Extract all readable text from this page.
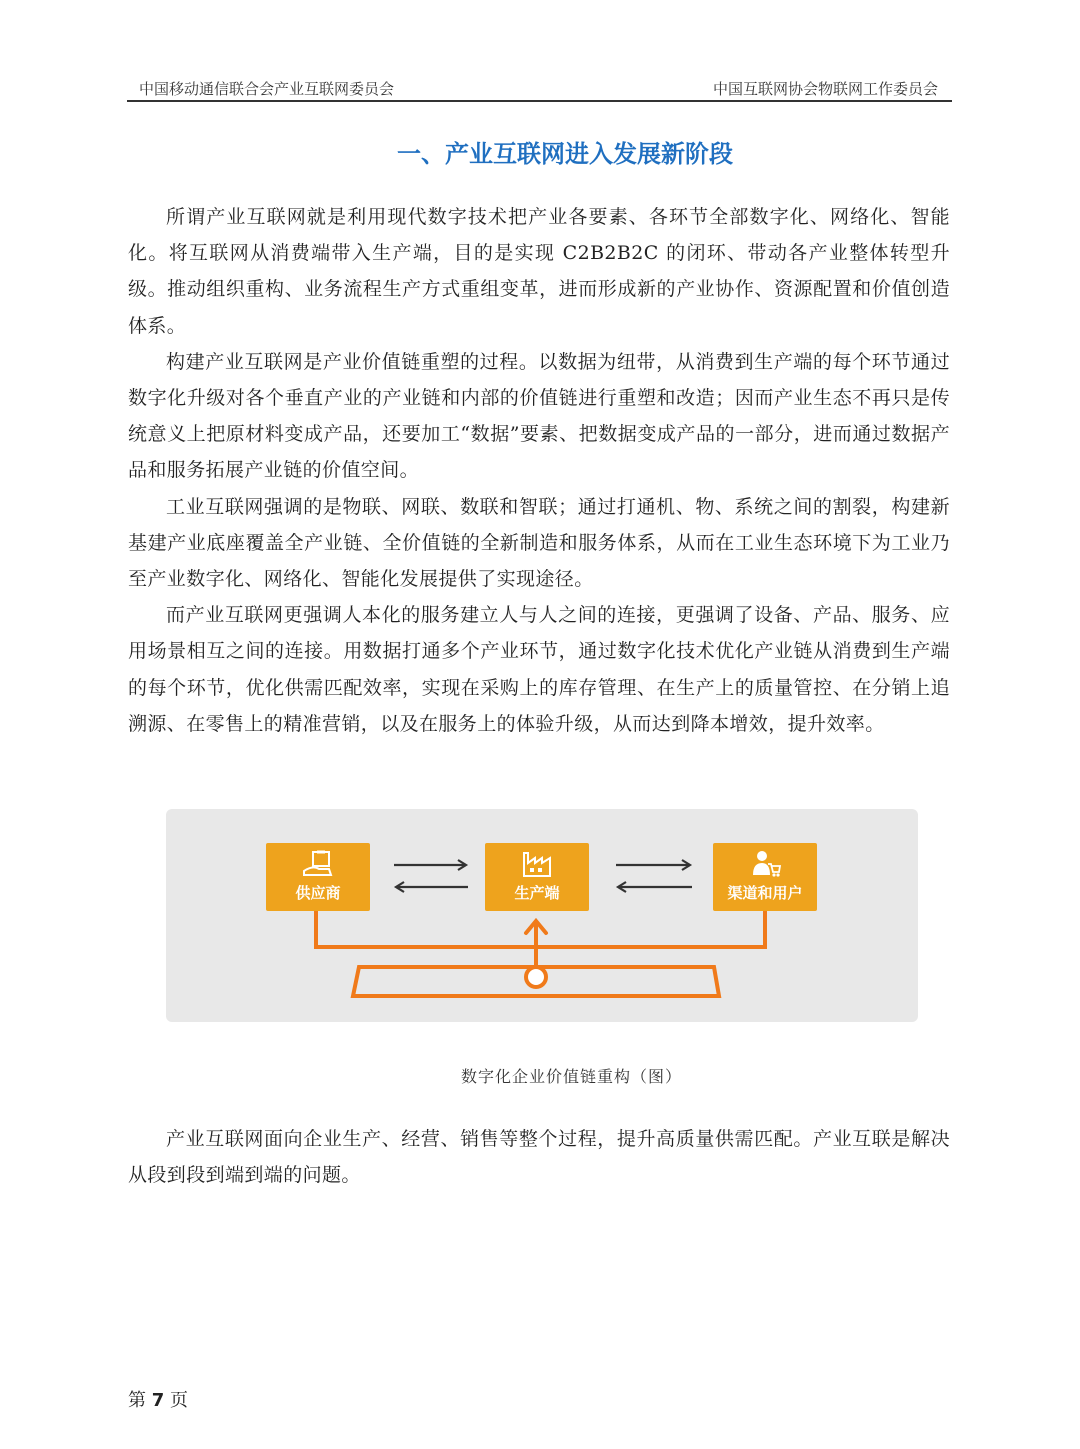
中国移动通信联合会产业互联网委员会	中国互联网协会物联网工作委员会
一、产业互联网进入发展新阶段

所谓产业互联网就是利用现代数字技术把产业各要素、各环节全部数字化、网络化、智能化。将互联网从消费端带入生产端，目的是实现 C2B2B2C 的闭环、带动各产业整体转型升级。推动组织重构、业务流程生产方式重组变革，进而形成新的产业协作、资源配置和价值创造体系。

构建产业互联网是产业价值链重塑的过程。以数据为纽带，从消费到生产端的每个环节通过数字化升级对各个垂直产业的产业链和内部的价值链进行重塑和改造；因而产业生态不再只是传统意义上把原材料变成产品，还要加工“数据”要素、把数据变成产品的一部分，进而通过数据产品和服务拓展产业链的价值空间。

工业互联网强调的是物联、网联、数联和智联；通过打通机、物、系统之间的割裂，构建新基建产业底座覆盖全产业链、全价值链的全新制造和服务体系，从而在工业生态环境下为工业乃至产业数字化、网络化、智能化发展提供了实现途径。

而产业互联网更强调人本化的服务建立人与人之间的连接，更强调了设备、产品、服务、应用场景相互之间的连接。用数据打通多个产业环节，通过数字化技术优化产业链从消费到生产端的每个环节，优化供需匹配效率，实现在采购上的库存管理、在生产上的质量管控、在分销上追溯源、在零售上的精准营销，以及在服务上的体验升级，从而达到降本增效，提升效率。

供应商	生产端	渠道和用户
数字化企业价值链重构（图）

产业互联网面向企业生产、经营、销售等整个过程，提升高质量供需匹配。产业互联是解决从段到段到端到端的问题。

第 7 页
